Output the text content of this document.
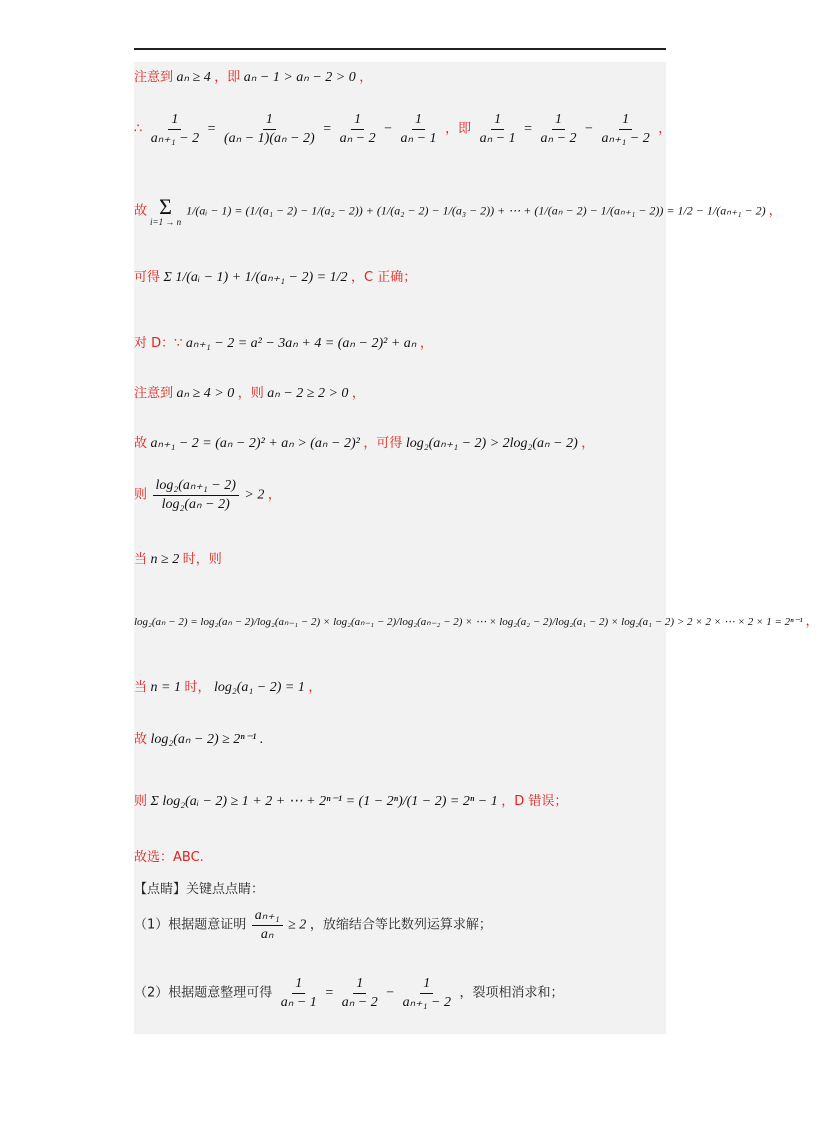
注意到 aₙ ≥ 4 ，即 aₙ − 1 > aₙ − 2 > 0 ，
∴ $\frac{1}{\text{aₙ₊₁ − 2}} = \frac{1}{\text{(aₙ − 1)(aₙ − 2)}} = \frac{1}{\text{aₙ − 2}} - \frac{1}{\text{aₙ − 1}}$ ，即 $\frac{1}{\text{aₙ − 1}} = \frac{1}{\text{aₙ − 2}} - \frac{1}{\text{aₙ₊₁ − 2}}$ ，
故 Σ
i=1 → n
1/(aᵢ − 1) = (1/(a₁ − 2) − 1/(a₂ − 2)) + (1/(a₂ − 2) − 1/(a₃ − 2)) + ⋯ + (1/(aₙ − 2) − 1/(aₙ₊₁ − 2)) = 1/2 − 1/(aₙ₊₁ − 2) ，
可得 Σ 1/(aᵢ − 1) + 1/(aₙ₊₁ − 2) = 1/2 ，C 正确；
对 D：∵ aₙ₊₁ − 2 = a² − 3aₙ + 4 = (aₙ − 2)² + aₙ ，
注意到 aₙ ≥ 4 > 0 ，则 aₙ − 2 ≥ 2 > 0 ，
故 aₙ₊₁ − 2 = (aₙ − 2)² + aₙ > (aₙ − 2)² ，可得 log₂(aₙ₊₁ − 2) > 2log₂(aₙ − 2) ，
则 $\frac{\text{log₂(aₙ₊₁ − 2)}}{\text{log₂(aₙ − 2)}} > 2$ ，
当 n ≥ 2 时，则
log₂(aₙ − 2) = log₂(aₙ − 2)/log₂(aₙ₋₁ − 2) × log₂(aₙ₋₁ − 2)/log₂(aₙ₋₂ − 2) × ⋯ × log₂(a₂ − 2)/log₂(a₁ − 2) × log₂(a₁ − 2) > 2 × 2 × ⋯ × 2 × 1 = 2ⁿ⁻¹ ，
当 n = 1 时， log₂(a₁ − 2) = 1 ，
故 log₂(aₙ − 2) ≥ 2ⁿ⁻¹ .
则 Σ log₂(aᵢ − 2) ≥ 1 + 2 + ⋯ + 2ⁿ⁻¹ = (1 − 2ⁿ)/(1 − 2) = 2ⁿ − 1 ，D 错误；
故选：ABC.
【点睛】关键点点睛：
（1）根据题意证明 $\frac{\text{aₙ₊₁}}{\text{aₙ}} \ge 2$ ，放缩结合等比数列运算求解；
（2）根据题意整理可得 $\frac{1}{\text{aₙ − 1}} = \frac{1}{\text{aₙ − 2}} - \frac{1}{\text{aₙ₊₁ − 2}}$ ，裂项相消求和；
